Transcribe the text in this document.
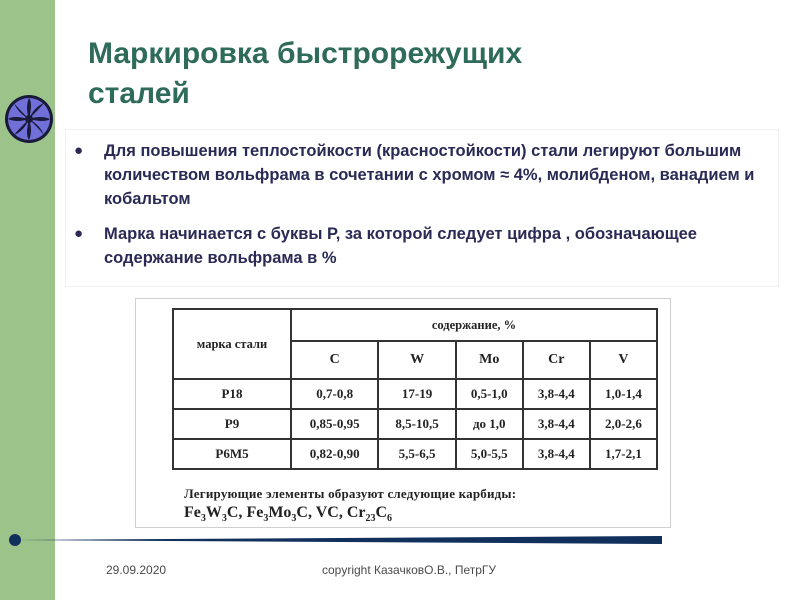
Маркировка быстрорежущих
сталей
● Для повышения теплостойкости (красностойкости) стали легируют большим количеством вольфрама в сочетании с хромом ≈ 4%, молибденом, ванадием и кобальтом
● Марка начинается с буквы Р, за которой следует цифра , обозначающее содержание вольфрама в %
марка стали	содержание, %				
	C	W	Mo	Cr	V
P18	0,7-0,8	17-19	0,5-1,0	3,8-4,4	1,0-1,4
P9	0,85-0,95	8,5-10,5	до 1,0	3,8-4,4	2,0-2,6
P6M5	0,82-0,90	5,5-6,5	5,0-5,5	3,8-4,4	1,7-2,1
Легирующие элементы образуют следующие карбиды:
$Fe_3W_3C$, $Fe_3Mo_3C$, VC, $Cr_{23}C_6$
29.09.2020	copyright КазачковО.В., ПетрГУ	9
